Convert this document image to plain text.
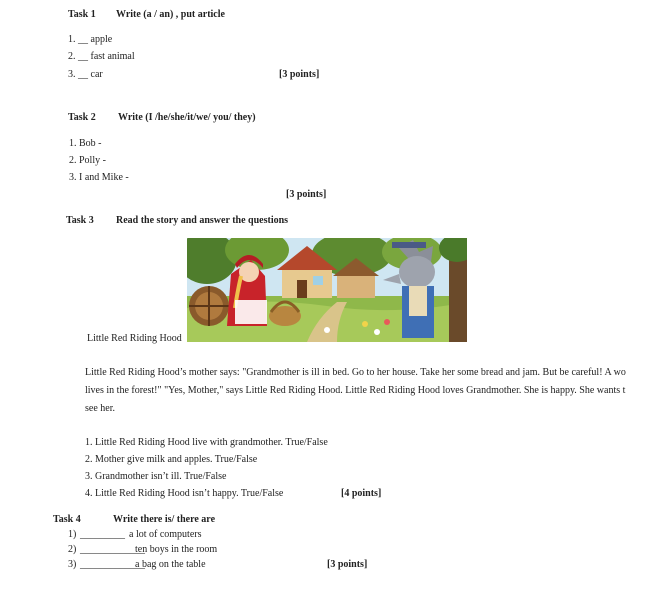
Task 1 Write (a / an) , put article
1. __ apple
2. __ fast animal
3. __ car	[3 points]
Task 2 Write (I /he/she/it/we/ you/ they)
1. Bob -
2. Polly -
3. I and Mike -
[3 points]
Task 3 Read the story and answer the questions
Little Red Riding Hood
Little Red Riding Hood’s mother says: "Grandmother is ill in bed. Go to her house. Take her some bread and jam. But be careful! A wo
lives in the forest!" "Yes, Mother," says Little Red Riding Hood. Little Red Riding Hood loves Grandmother. She is happy. She wants t
see her.
1. Little Red Riding Hood live with grandmother. True/False
2. Mother give milk and apples. True/False
3. Grandmother isn’t ill. True/False
4. Little Red Riding Hood isn’t happy. True/False	[4 points]
Task 4	Write there is/ there are
1) _________ a lot of computers
2) _____________
ten boys in the room
3) _____________
a bag on the table	[3 points]
